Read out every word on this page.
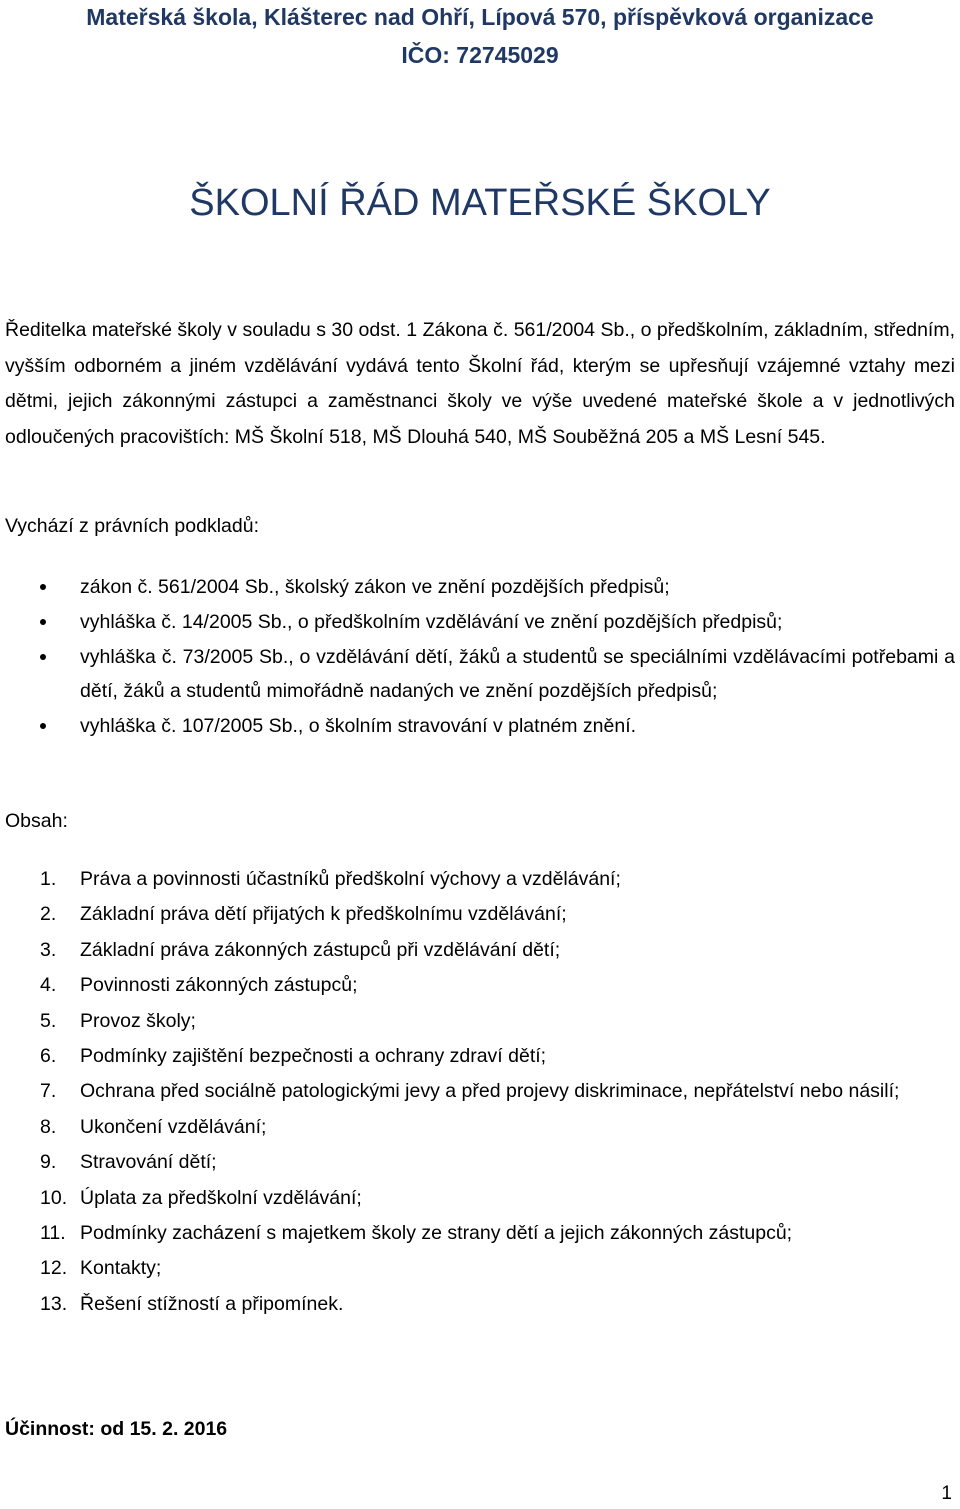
Mateřská škola, Klášterec nad Ohří, Lípová 570, příspěvková organizace
IČO: 72745029
ŠKOLNÍ ŘÁD MATEŘSKÉ ŠKOLY
Ředitelka mateřské školy v souladu s 30 odst. 1 Zákona č. 561/2004 Sb., o předškolním, základním, středním, vyšším odborném a jiném vzdělávání vydává tento Školní řád, kterým se upřesňují vzájemné vztahy mezi dětmi, jejich zákonnými zástupci a zaměstnanci školy ve výše uvedené mateřské škole a v jednotlivých odloučených pracovištích: MŠ Školní 518, MŠ Dlouhá 540, MŠ Souběžná 205 a MŠ Lesní 545.
Vychází z právních podkladů:
zákon č. 561/2004 Sb., školský zákon ve znění pozdějších předpisů;
vyhláška č. 14/2005 Sb., o předškolním vzdělávání ve znění pozdějších předpisů;
vyhláška č. 73/2005 Sb., o vzdělávání dětí, žáků a studentů se speciálními vzdělávacími potřebami a dětí, žáků a studentů mimořádně nadaných ve znění pozdějších předpisů;
vyhláška č. 107/2005 Sb., o školním stravování v platném znění.
Obsah:
1. Práva a povinnosti účastníků předškolní výchovy a vzdělávání;
2. Základní práva dětí přijatých k předškolnímu vzdělávání;
3. Základní práva zákonných zástupců při vzdělávání dětí;
4. Povinnosti zákonných zástupců;
5. Provoz školy;
6. Podmínky zajištění bezpečnosti a ochrany zdraví dětí;
7. Ochrana před sociálně patologickými jevy a před projevy diskriminace, nepřátelství nebo násilí;
8. Ukončení vzdělávání;
9. Stravování dětí;
10. Úplata za předškolní vzdělávání;
11. Podmínky zacházení s majetkem školy ze strany dětí a jejich zákonných zástupců;
12. Kontakty;
13. Řešení stížností a připomínek.
Účinnost: od 15. 2. 2016
1
